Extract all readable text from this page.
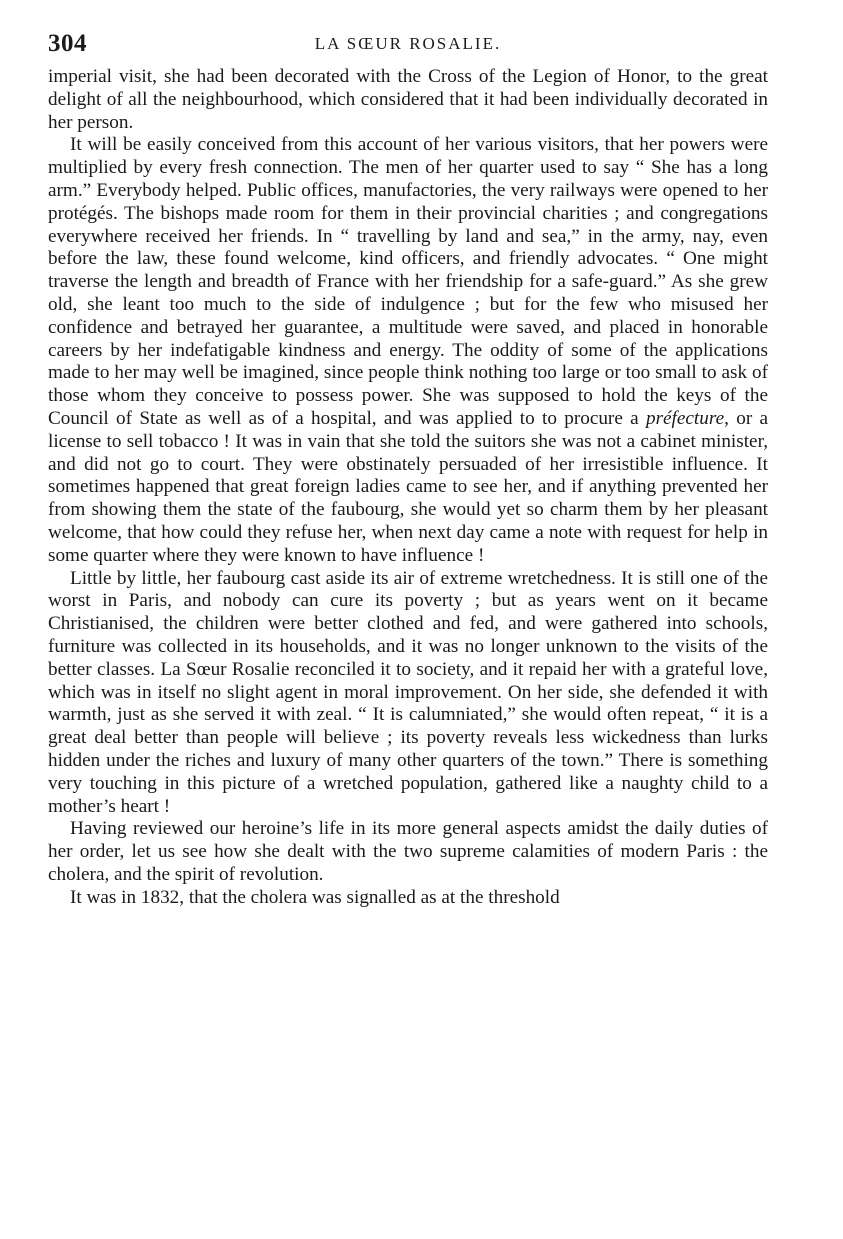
304	LA SŒUR ROSALIE.

imperial visit, she had been decorated with the Cross of the Legion of Honor, to the great delight of all the neighbourhood, which considered that it had been individually decorated in her person.

It will be easily conceived from this account of her various visitors, that her powers were multiplied by every fresh connection. The men of her quarter used to say “ She has a long arm.” Everybody helped. Public offices, manufactories, the very railways were opened to her protégés. The bishops made room for them in their provincial charities ; and congregations everywhere received her friends. In “ travelling by land and sea,” in the army, nay, even before the law, these found welcome, kind officers, and friendly advocates. “ One might traverse the length and breadth of France with her friendship for a safe-guard.” As she grew old, she leant too much to the side of indulgence ; but for the few who misused her confidence and betrayed her guarantee, a multitude were saved, and placed in honorable careers by her indefatigable kindness and energy. The oddity of some of the applications made to her may well be imagined, since people think nothing too large or too small to ask of those whom they conceive to possess power. She was supposed to hold the keys of the Council of State as well as of a hospital, and was applied to to procure a préfecture, or a license to sell tobacco ! It was in vain that she told the suitors she was not a cabinet minister, and did not go to court. They were obstinately persuaded of her irresistible influence. It sometimes happened that great foreign ladies came to see her, and if anything prevented her from showing them the state of the faubourg, she would yet so charm them by her pleasant welcome, that how could they refuse her, when next day came a note with request for help in some quarter where they were known to have influence !

Little by little, her faubourg cast aside its air of extreme wretchedness. It is still one of the worst in Paris, and nobody can cure its poverty ; but as years went on it became Christianised, the children were better clothed and fed, and were gathered into schools, furniture was collected in its households, and it was no longer unknown to the visits of the better classes. La Sœur Rosalie reconciled it to society, and it repaid her with a grateful love, which was in itself no slight agent in moral improvement. On her side, she defended it with warmth, just as she served it with zeal. “ It is calumniated,” she would often repeat, “ it is a great deal better than people will believe ; its poverty reveals less wickedness than lurks hidden under the riches and luxury of many other quarters of the town.” There is something very touching in this picture of a wretched population, gathered like a naughty child to a mother’s heart !

Having reviewed our heroine’s life in its more general aspects amidst the daily duties of her order, let us see how she dealt with the two supreme calamities of modern Paris : the cholera, and the spirit of revolution.

It was in 1832, that the cholera was signalled as at the threshold
